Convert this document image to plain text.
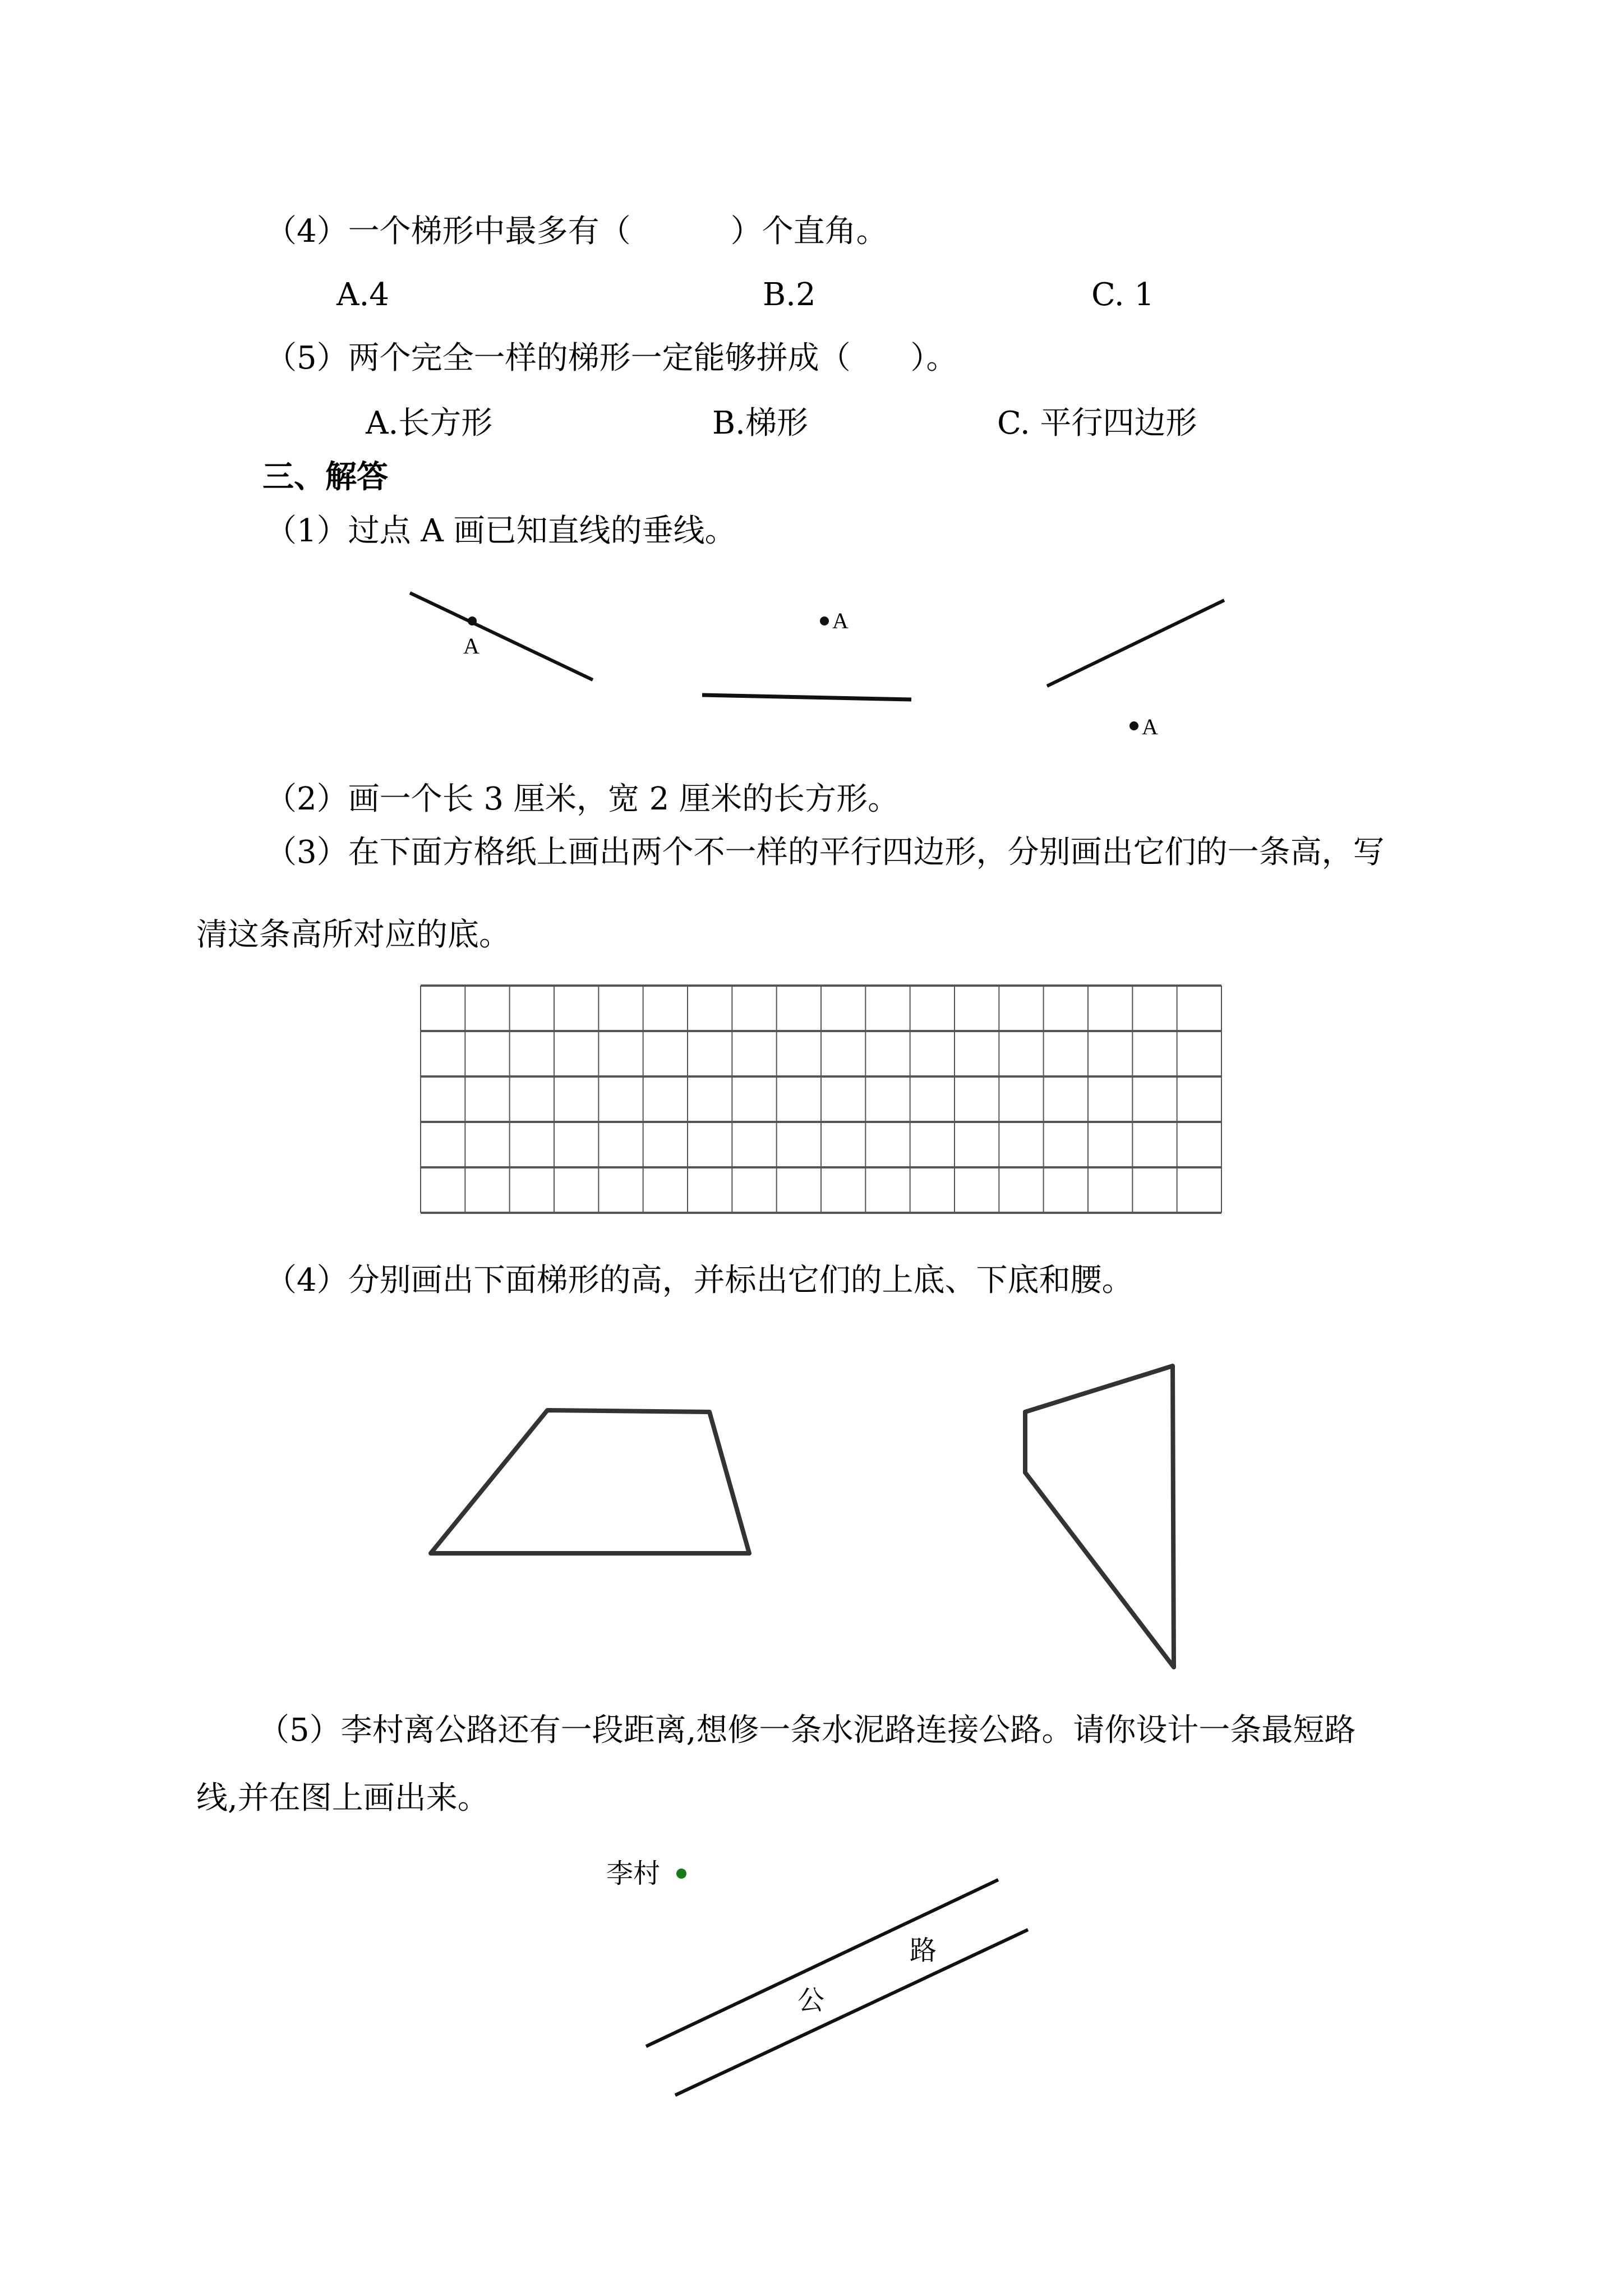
（4）一个梯形中最多有（          ）个直角。
A.4	B.2	C. 1
（5）两个完全一样的梯形一定能够拼成（      ）。
A.长方形	B.梯形	C. 平行四边形
三、解答
（1）过点 A 画已知直线的垂线。
A
A
A
（2）画一个长 3 厘米，宽 2 厘米的长方形。
（3）在下面方格纸上画出两个不一样的平行四边形，分别画出它们的一条高，写
清这条高所对应的底。
（4）分别画出下面梯形的高，并标出它们的上底、下底和腰。
（5）李村离公路还有一段距离,想修一条水泥路连接公路。请你设计一条最短路
线,并在图上画出来。
李村
公
路
